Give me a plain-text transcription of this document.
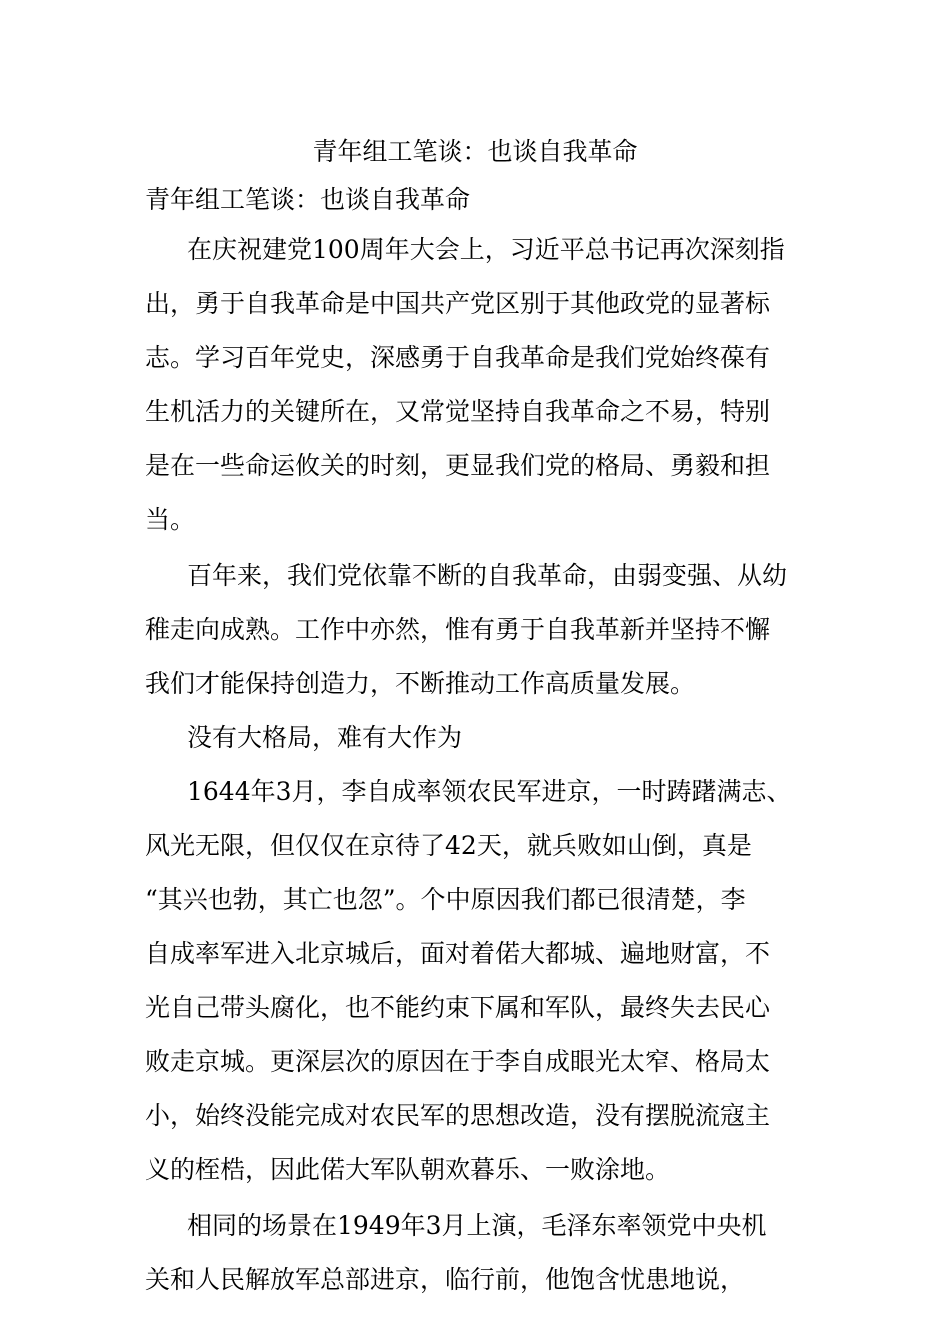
青年组工笔谈：也谈自我革命
青年组工笔谈：也谈自我革命
在庆祝建党100周年大会上，习近平总书记再次深刻指
出，勇于自我革命是中国共产党区别于其他政党的显著标
志。学习百年党史，深感勇于自我革命是我们党始终葆有
生机活力的关键所在，又常觉坚持自我革命之不易，特别
是在一些命运攸关的时刻，更显我们党的格局、勇毅和担
当。
百年来，我们党依靠不断的自我革命，由弱变强、从幼
稚走向成熟。工作中亦然，惟有勇于自我革新并坚持不懈
我们才能保持创造力，不断推动工作高质量发展。
没有大格局，难有大作为
1644年3月，李自成率领农民军进京，一时踌躇满志、
风光无限，但仅仅在京待了42天，就兵败如山倒，真是
“其兴也勃，其亡也忽”。个中原因我们都已很清楚，李
自成率军进入北京城后，面对着偌大都城、遍地财富，不
光自己带头腐化，也不能约束下属和军队，最终失去民心
败走京城。更深层次的原因在于李自成眼光太窄、格局太
小，始终没能完成对农民军的思想改造，没有摆脱流寇主
义的桎梏，因此偌大军队朝欢暮乐、一败涂地。
相同的场景在1949年3月上演，毛泽东率领党中央机
关和人民解放军总部进京，临行前，他饱含忧患地说，
